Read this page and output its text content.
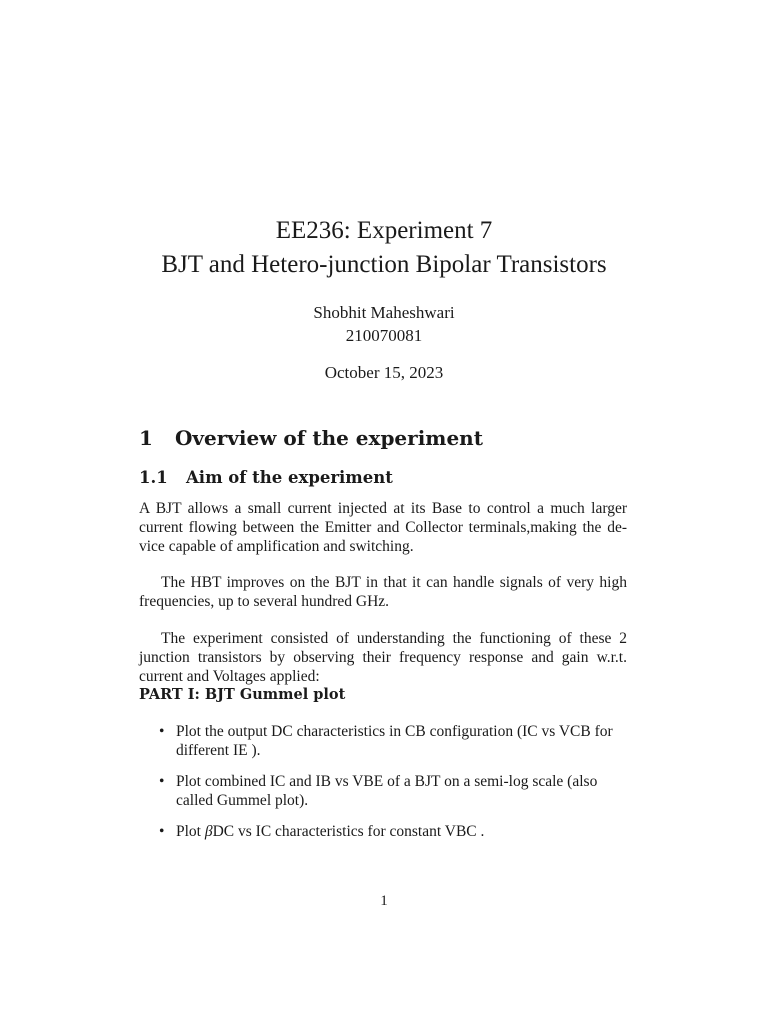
EE236: Experiment 7
BJT and Hetero-junction Bipolar Transistors
Shobhit Maheshwari
210070081
October 15, 2023
1 Overview of the experiment
1.1 Aim of the experiment
A BJT allows a small current injected at its Base to control a much larger current flowing between the Emitter and Collector terminals,making the de-vice capable of amplification and switching.
The HBT improves on the BJT in that it can handle signals of very high frequencies, up to several hundred GHz.
The experiment consisted of understanding the functioning of these 2 junction transistors by observing their frequency response and gain w.r.t. current and Voltages applied:
PART I: BJT Gummel plot
• Plot the output DC characteristics in CB configuration (IC vs VCB for different IE ).
• Plot combined IC and IB vs VBE of a BJT on a semi-log scale (also called Gummel plot).
• Plot βDC vs IC characteristics for constant VBC .
1
